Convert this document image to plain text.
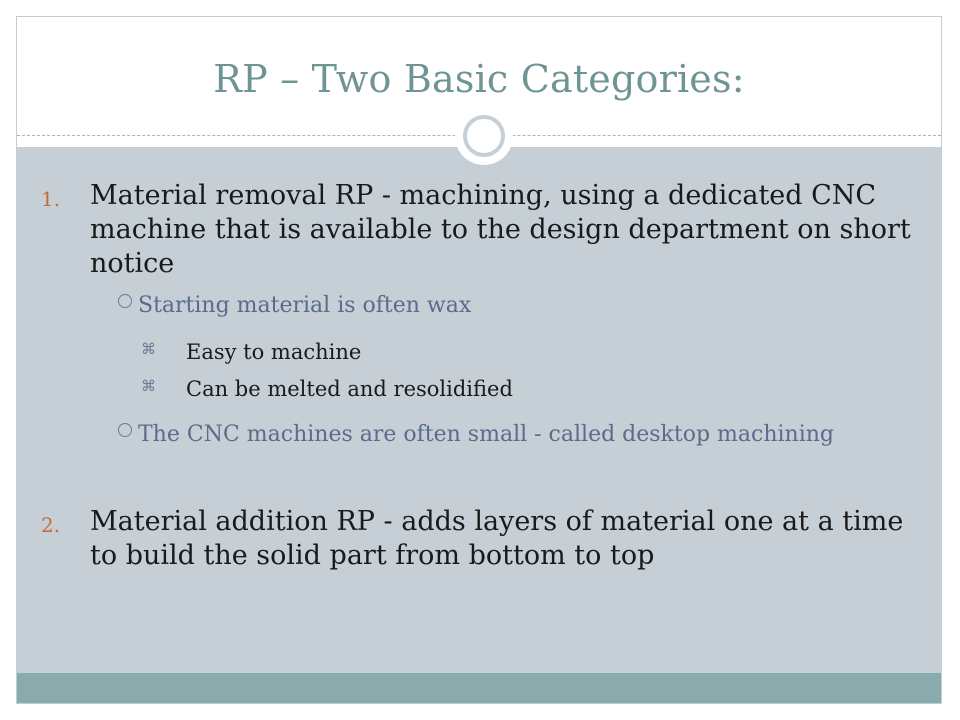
RP – Two Basic Categories:
1. Material removal RP - machining, using a dedicated CNC machine that is available to the design department on short notice
Starting material is often wax
⌘ Easy to machine
⌘ Can be melted and resolidified
The CNC machines are often small - called desktop machining
2. Material addition RP - adds layers of material one at a time to build the solid part from bottom to top
